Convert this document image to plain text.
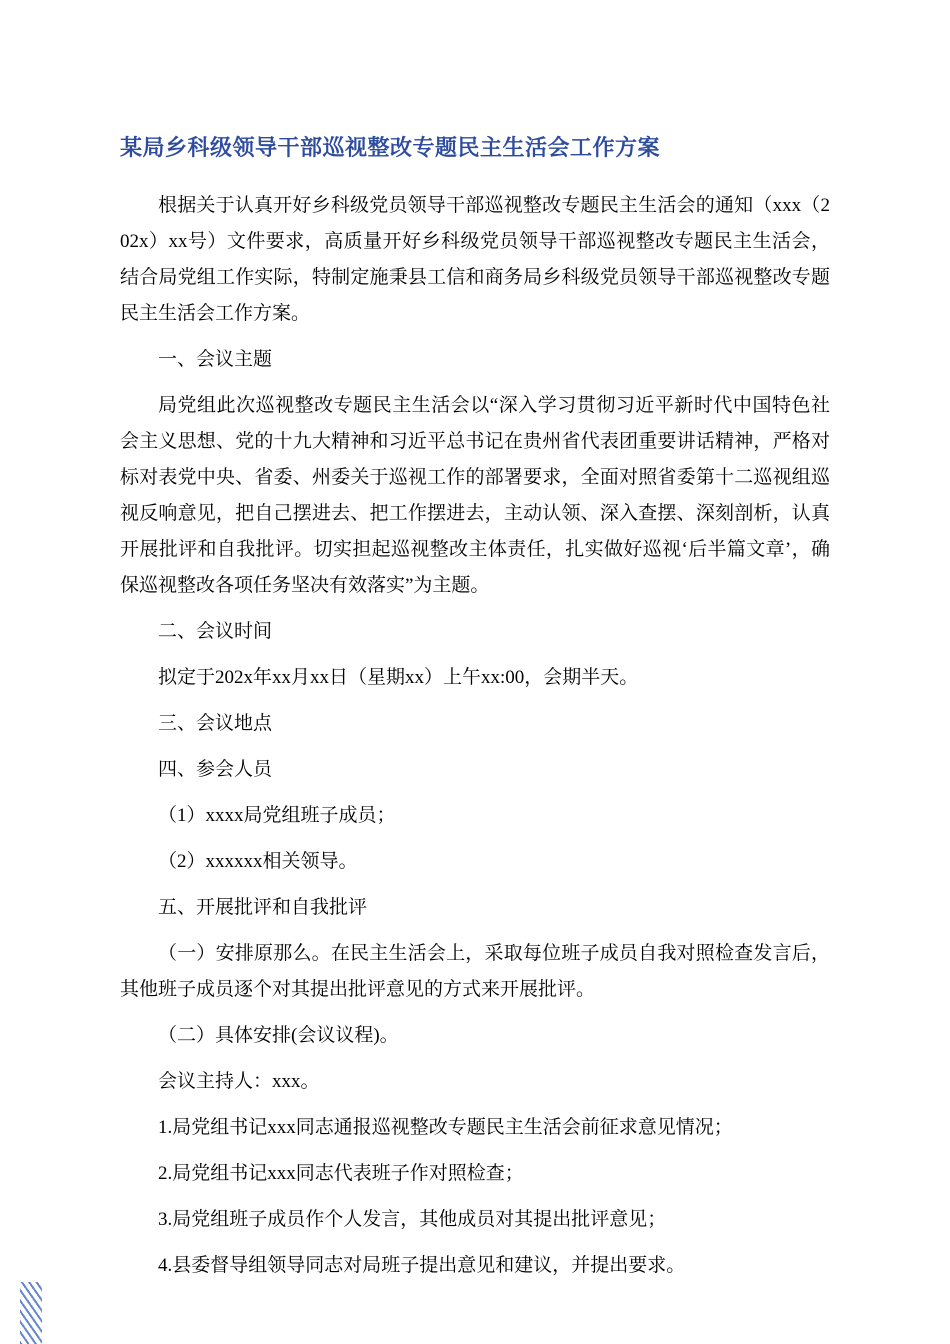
某局乡科级领导干部巡视整改专题民主生活会工作方案

根据关于认真开好乡科级党员领导干部巡视整改专题民主生活会的通知（xxx（202x）xx号）文件要求，高质量开好乡科级党员领导干部巡视整改专题民主生活会，结合局党组工作实际，特制定施秉县工信和商务局乡科级党员领导干部巡视整改专题民主生活会工作方案。

一、会议主题

局党组此次巡视整改专题民主生活会以“深入学习贯彻习近平新时代中国特色社会主义思想、党的十九大精神和习近平总书记在贵州省代表团重要讲话精神，严格对标对表党中央、省委、州委关于巡视工作的部署要求，全面对照省委第十二巡视组巡视反响意见，把自己摆进去、把工作摆进去，主动认领、深入查摆、深刻剖析，认真开展批评和自我批评。切实担起巡视整改主体责任，扎实做好巡视‘后半篇文章’，确保巡视整改各项任务坚决有效落实”为主题。

二、会议时间

拟定于202x年xx月xx日（星期xx）上午xx:00，会期半天。

三、会议地点

四、参会人员

（1）xxxx局党组班子成员；

（2）xxxxxx相关领导。

五、开展批评和自我批评

（一）安排原那么。在民主生活会上，采取每位班子成员自我对照检查发言后，其他班子成员逐个对其提出批评意见的方式来开展批评。

（二）具体安排(会议议程)。

会议主持人：xxx。

1.局党组书记xxx同志通报巡视整改专题民主生活会前征求意见情况；

2.局党组书记xxx同志代表班子作对照检查；

3.局党组班子成员作个人发言，其他成员对其提出批评意见；

4.县委督导组领导同志对局班子提出意见和建议，并提出要求。
